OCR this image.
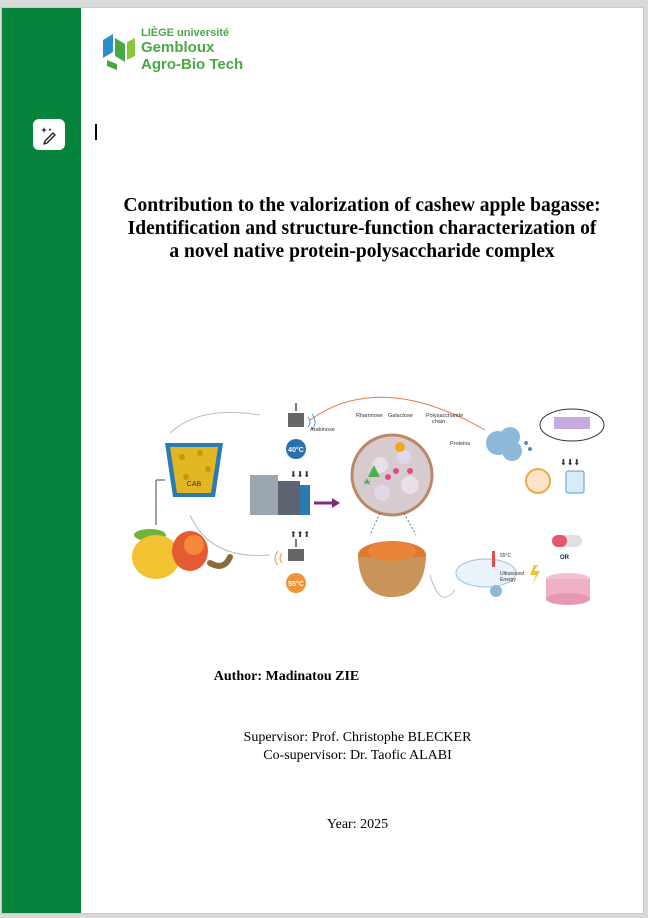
LIÈGE université
Gembloux
Agro-Bio Tech
Contribution to the valorization of cashew apple bagasse: Identification and structure-function characterization of a novel native protein-polysaccharide complex
CAB
40°C
⬇⬇⬇
⬆⬆⬆
55°C
Arabinose
Rhamnose Galactose Polysaccharide
chain
Proteins
⬇⬇⬇
55°C
Ultrasound
Energy
OR
Author: Madinatou ZIE
Supervisor: Prof. Christophe BLECKER
Co-supervisor: Dr. Taofic ALABI
Year: 2025
